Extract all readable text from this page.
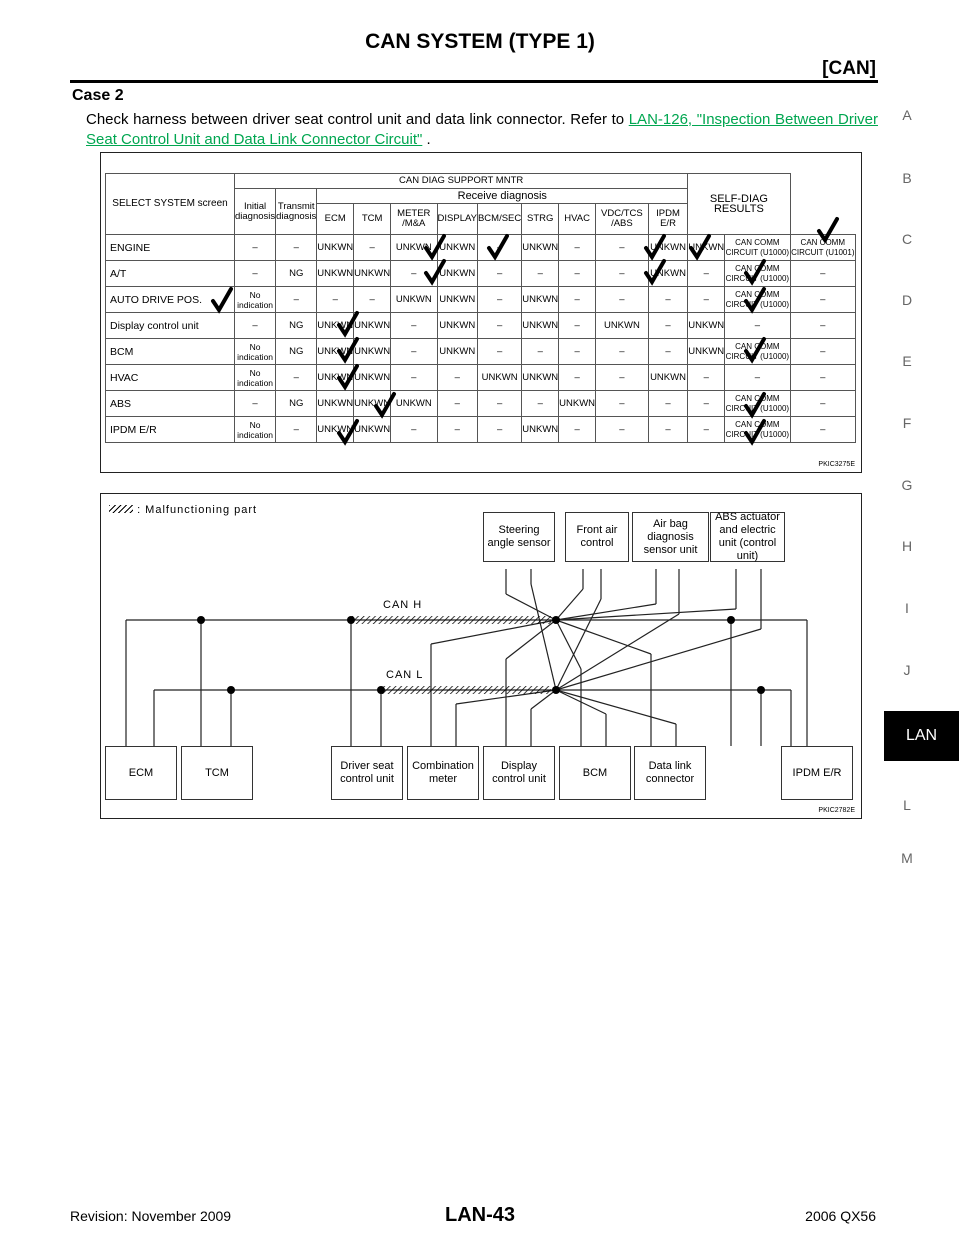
CAN SYSTEM (TYPE 1)
[CAN]
Case 2
Check harness between driver seat control unit and data link connector. Refer to LAN-126, "Inspection Between Driver Seat Control Unit and Data Link Connector Circuit" .
A
B
C
D
E
F
G
H
I
J
L
M
LAN
SELECT SYSTEM screen	CAN DIAG SUPPORT MNTR											SELF-DIAG RESULTS		
	Initial diagnosis	Transmit diagnosis	Receive diagnosis											
			ECM	TCM	METER /M&A	DISPLAY	BCM/SEC	STRG	HVAC	VDC/TCS /ABS	IPDM E/R			
ENGINE	–	–	UNKWN	–	UNKWN	UNKWN	–	UNKWN	–	–	UNKWN	UNKWN	CAN COMM CIRCUIT (U1000)	CAN COMM CIRCUIT (U1001)
A/T	–	NG	UNKWN	UNKWN	–	UNKWN	–	–	–	–	UNKWN	–	CAN COMM CIRCUIT (U1000)	–
AUTO DRIVE POS.	No indication	–	–	–	UNKWN	UNKWN	–	UNKWN	–	–	–	–	CAN COMM CIRCUIT (U1000)	–
Display control unit	–	NG	UNKWN	UNKWN	–	UNKWN	–	UNKWN	–	UNKWN	–	UNKWN	–	–
BCM	No indication	NG	UNKWN	UNKWN	–	UNKWN	–	–	–	–	–	UNKWN	CAN COMM CIRCUIT (U1000)	–
HVAC	No indication	–	UNKWN	UNKWN	–	–	UNKWN	UNKWN	–	–	UNKWN	–	–	–
ABS	–	NG	UNKWN	UNKWN	UNKWN	–	–	–	UNKWN	–	–	–	CAN COMM CIRCUIT (U1000)	–
IPDM E/R	No indication	–	UNKWN	UNKWN	–	–	–	UNKWN	–	–	–	–	CAN COMM CIRCUIT (U1000)	–
PKIC3275E
: Malfunctioning part
CAN H
CAN L
Steering angle sensor
Front air control
Air bag diagnosis sensor unit
ABS actuator and electric unit (control unit)
ECM	TCM
Driver seat control unit
Combination meter
Display control unit
BCM
Data link connector
IPDM E/R
PKIC2782E
Revision: November 2009	LAN-43	2006 QX56
